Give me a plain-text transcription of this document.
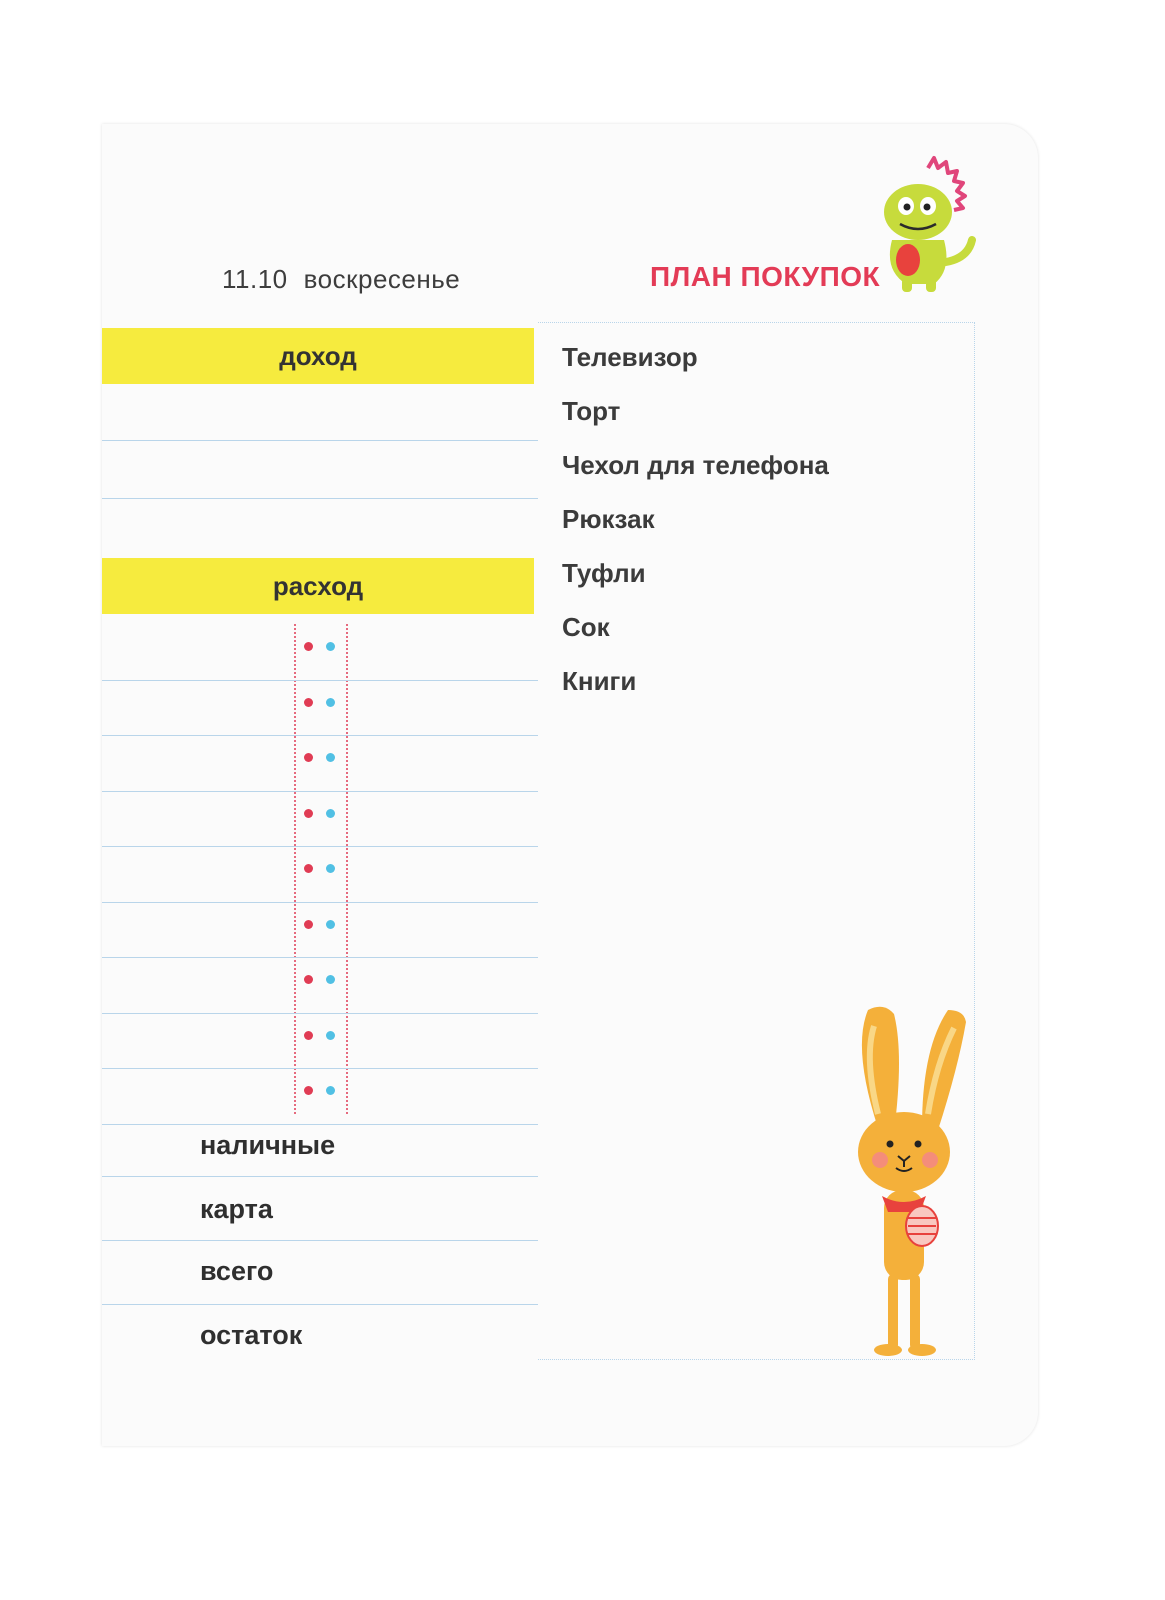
11.10 воскресенье	ПЛАН ПОКУПОК
доход
расход
наличные
карта
всего
остаток
Телевизор
Торт
Чехол для телефона
Рюкзак
Туфли
Сок
Книги
